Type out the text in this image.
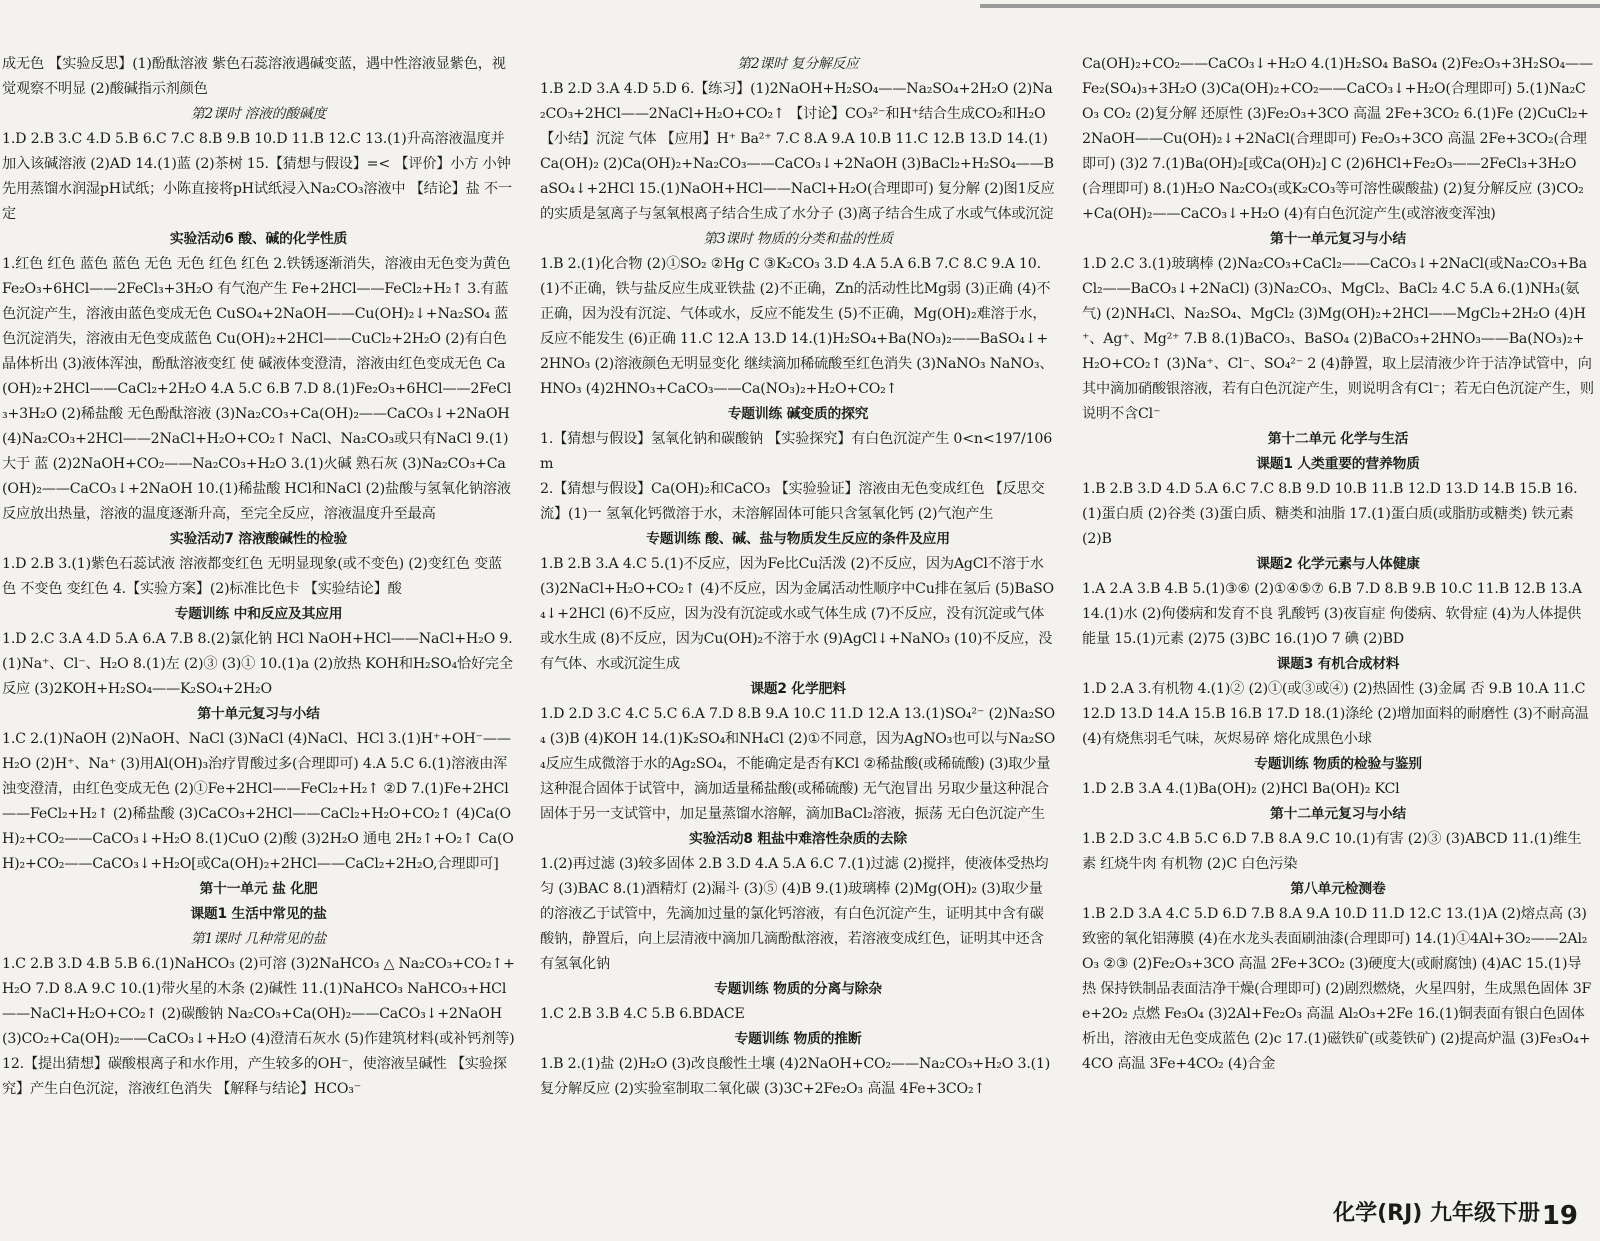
成无色 【实验反思】(1)酚酞溶液 紫色石蕊溶液遇碱变蓝，遇中性溶液显紫色，视觉观察不明显 (2)酸碱指示剂颜色
第2课时 溶液的酸碱度
1.D 2.B 3.C 4.D 5.B 6.C 7.C 8.B 9.B 10.D 11.B 12.C 13.(1)升高溶液温度并加入该碱溶液 (2)AD 14.(1)蓝 (2)茶树 15.【猜想与假设】=< 【评价】小方 小钟先用蒸馏水润湿pH试纸；小陈直接将pH试纸浸入Na₂CO₃溶液中 【结论】盐 不一定
实验活动6 酸、碱的化学性质
1.红色 红色 蓝色 蓝色 无色 无色 红色 红色 2.铁锈逐渐消失，溶液由无色变为黄色 Fe₂O₃+6HCl——2FeCl₃+3H₂O 有气泡产生 Fe+2HCl——FeCl₂+H₂↑ 3.有蓝色沉淀产生，溶液由蓝色变成无色 CuSO₄+2NaOH——Cu(OH)₂↓+Na₂SO₄ 蓝色沉淀消失，溶液由无色变成蓝色 Cu(OH)₂+2HCl——CuCl₂+2H₂O (2)有白色晶体析出 (3)液体浑浊，酚酞溶液变红 使 碱液体变澄清，溶液由红色变成无色 Ca(OH)₂+2HCl——CaCl₂+2H₂O 4.A 5.C 6.B 7.D 8.(1)Fe₂O₃+6HCl——2FeCl₃+3H₂O (2)稀盐酸 无色酚酞溶液 (3)Na₂CO₃+Ca(OH)₂——CaCO₃↓+2NaOH (4)Na₂CO₃+2HCl——2NaCl+H₂O+CO₂↑ NaCl、Na₂CO₃或只有NaCl 9.(1)大于 蓝 (2)2NaOH+CO₂——Na₂CO₃+H₂O 3.(1)火碱 熟石灰 (3)Na₂CO₃+Ca(OH)₂——CaCO₃↓+2NaOH 10.(1)稀盐酸 HCl和NaCl (2)盐酸与氢氧化钠溶液反应放出热量，溶液的温度逐渐升高，至完全反应，溶液温度升至最高
实验活动7 溶液酸碱性的检验
1.D 2.B 3.(1)紫色石蕊试液 溶液都变红色 无明显现象(或不变色) (2)变红色 变蓝色 不变色 变红色 4.【实验方案】(2)标准比色卡 【实验结论】酸
专题训练 中和反应及其应用
1.D 2.C 3.A 4.D 5.A 6.A 7.B 8.(2)氯化钠 HCl NaOH+HCl——NaCl+H₂O 9.(1)Na⁺、Cl⁻、H₂O 8.(1)左 (2)③ (3)① 10.(1)a (2)放热 KOH和H₂SO₄恰好完全反应 (3)2KOH+H₂SO₄——K₂SO₄+2H₂O
第十单元复习与小结
1.C 2.(1)NaOH (2)NaOH、NaCl (3)NaCl (4)NaCl、HCl 3.(1)H⁺+OH⁻——H₂O (2)H⁺、Na⁺ (3)用Al(OH)₃治疗胃酸过多(合理即可) 4.A 5.C 6.(1)溶液由浑浊变澄清，由红色变成无色 (2)①Fe+2HCl——FeCl₂+H₂↑ ②D 7.(1)Fe+2HCl——FeCl₂+H₂↑ (2)稀盐酸 (3)CaCO₃+2HCl——CaCl₂+H₂O+CO₂↑ (4)Ca(OH)₂+CO₂——CaCO₃↓+H₂O 8.(1)CuO (2)酸 (3)2H₂O 通电 2H₂↑+O₂↑ Ca(OH)₂+CO₂——CaCO₃↓+H₂O[或Ca(OH)₂+2HCl——CaCl₂+2H₂O,合理即可]
第十一单元 盐 化肥
课题1 生活中常见的盐
第1课时 几种常见的盐
1.C 2.B 3.D 4.B 5.B 6.(1)NaHCO₃ (2)可溶 (3)2NaHCO₃ △ Na₂CO₃+CO₂↑+H₂O 7.D 8.A 9.C 10.(1)带火星的木条 (2)碱性 11.(1)NaHCO₃ NaHCO₃+HCl——NaCl+H₂O+CO₂↑ (2)碳酸钠 Na₂CO₃+Ca(OH)₂——CaCO₃↓+2NaOH (3)CO₂+Ca(OH)₂——CaCO₃↓+H₂O (4)澄清石灰水 (5)作建筑材料(或补钙剂等) 12.【提出猜想】碳酸根离子和水作用，产生较多的OH⁻，使溶液呈碱性 【实验探究】产生白色沉淀，溶液红色消失 【解释与结论】HCO₃⁻
第2课时 复分解反应
1.B 2.D 3.A 4.D 5.D 6.【练习】(1)2NaOH+H₂SO₄——Na₂SO₄+2H₂O (2)Na₂CO₃+2HCl——2NaCl+H₂O+CO₂↑ 【讨论】CO₃²⁻和H⁺结合生成CO₂和H₂O 【小结】沉淀 气体 【应用】H⁺ Ba²⁺ 7.C 8.A 9.A 10.B 11.C 12.B 13.D 14.(1)Ca(OH)₂ (2)Ca(OH)₂+Na₂CO₃——CaCO₃↓+2NaOH (3)BaCl₂+H₂SO₄——BaSO₄↓+2HCl 15.(1)NaOH+HCl——NaCl+H₂O(合理即可) 复分解 (2)图1反应的实质是氢离子与氢氧根离子结合生成了水分子 (3)离子结合生成了水或气体或沉淀
第3课时 物质的分类和盐的性质
1.B 2.(1)化合物 (2)①SO₂ ②Hg C ③K₂CO₃ 3.D 4.A 5.A 6.B 7.C 8.C 9.A 10.(1)不正确，铁与盐反应生成亚铁盐 (2)不正确，Zn的活动性比Mg弱 (3)正确 (4)不正确，因为没有沉淀、气体或水，反应不能发生 (5)不正确，Mg(OH)₂难溶于水，反应不能发生 (6)正确 11.C 12.A 13.D 14.(1)H₂SO₄+Ba(NO₃)₂——BaSO₄↓+2HNO₃ (2)溶液颜色无明显变化 继续滴加稀硫酸至红色消失 (3)NaNO₃ NaNO₃、HNO₃ (4)2HNO₃+CaCO₃——Ca(NO₃)₂+H₂O+CO₂↑
专题训练 碱变质的探究
1.【猜想与假设】氢氧化钠和碳酸钠 【实验探究】有白色沉淀产生 0<n<197/106 m
2.【猜想与假设】Ca(OH)₂和CaCO₃ 【实验验证】溶液由无色变成红色 【反思交流】(1)一 氢氧化钙微溶于水，未溶解固体可能只含氢氧化钙 (2)气泡产生
专题训练 酸、碱、盐与物质发生反应的条件及应用
1.B 2.B 3.A 4.C 5.(1)不反应，因为Fe比Cu活泼 (2)不反应，因为AgCl不溶于水 (3)2NaCl+H₂O+CO₂↑ (4)不反应，因为金属活动性顺序中Cu排在氢后 (5)BaSO₄↓+2HCl (6)不反应，因为没有沉淀或水或气体生成 (7)不反应，没有沉淀或气体或水生成 (8)不反应，因为Cu(OH)₂不溶于水 (9)AgCl↓+NaNO₃ (10)不反应，没有气体、水或沉淀生成
课题2 化学肥料
1.D 2.D 3.C 4.C 5.C 6.A 7.D 8.B 9.A 10.C 11.D 12.A 13.(1)SO₄²⁻ (2)Na₂SO₄ (3)B (4)KOH 14.(1)K₂SO₄和NH₄Cl (2)①不同意，因为AgNO₃也可以与Na₂SO₄反应生成微溶于水的Ag₂SO₄，不能确定是否有KCl ②稀盐酸(或稀硫酸) (3)取少量这种混合固体于试管中，滴加适量稀盐酸(或稀硫酸) 无气泡冒出 另取少量这种混合固体于另一支试管中，加足量蒸馏水溶解，滴加BaCl₂溶液，振荡 无白色沉淀产生
实验活动8 粗盐中难溶性杂质的去除
1.(2)再过滤 (3)较多固体 2.B 3.D 4.A 5.A 6.C 7.(1)过滤 (2)搅拌，使液体受热均匀 (3)BAC 8.(1)酒精灯 (2)漏斗 (3)⑤ (4)B 9.(1)玻璃棒 (2)Mg(OH)₂ (3)取少量的溶液乙于试管中，先滴加过量的氯化钙溶液，有白色沉淀产生，证明其中含有碳酸钠，静置后，向上层清液中滴加几滴酚酞溶液，若溶液变成红色，证明其中还含有氢氧化钠
专题训练 物质的分离与除杂
1.C 2.B 3.B 4.C 5.B 6.BDACE
专题训练 物质的推断
1.B 2.(1)盐 (2)H₂O (3)改良酸性土壤 (4)2NaOH+CO₂——Na₂CO₃+H₂O 3.(1)复分解反应 (2)实验室制取二氧化碳 (3)3C+2Fe₂O₃ 高温 4Fe+3CO₂↑
Ca(OH)₂+CO₂——CaCO₃↓+H₂O 4.(1)H₂SO₄ BaSO₄ (2)Fe₂O₃+3H₂SO₄——Fe₂(SO₄)₃+3H₂O (3)Ca(OH)₂+CO₂——CaCO₃↓+H₂O(合理即可) 5.(1)Na₂CO₃ CO₂ (2)复分解 还原性 (3)Fe₂O₃+3CO 高温 2Fe+3CO₂ 6.(1)Fe (2)CuCl₂+2NaOH——Cu(OH)₂↓+2NaCl(合理即可) Fe₂O₃+3CO 高温 2Fe+3CO₂(合理即可) (3)2 7.(1)Ba(OH)₂[或Ca(OH)₂] C (2)6HCl+Fe₂O₃——2FeCl₃+3H₂O(合理即可) 8.(1)H₂O Na₂CO₃(或K₂CO₃等可溶性碳酸盐) (2)复分解反应 (3)CO₂+Ca(OH)₂——CaCO₃↓+H₂O (4)有白色沉淀产生(或溶液变浑浊)
第十一单元复习与小结
1.D 2.C 3.(1)玻璃棒 (2)Na₂CO₃+CaCl₂——CaCO₃↓+2NaCl(或Na₂CO₃+BaCl₂——BaCO₃↓+2NaCl) (3)Na₂CO₃、MgCl₂、BaCl₂ 4.C 5.A 6.(1)NH₃(氨气) (2)NH₄Cl、Na₂SO₄、MgCl₂ (3)Mg(OH)₂+2HCl——MgCl₂+2H₂O (4)H⁺、Ag⁺、Mg²⁺ 7.B 8.(1)BaCO₃、BaSO₄ (2)BaCO₃+2HNO₃——Ba(NO₃)₂+H₂O+CO₂↑ (3)Na⁺、Cl⁻、SO₄²⁻ 2 (4)静置，取上层清液少许于洁净试管中，向其中滴加硝酸银溶液，若有白色沉淀产生，则说明含有Cl⁻；若无白色沉淀产生，则说明不含Cl⁻
第十二单元 化学与生活
课题1 人类重要的营养物质
1.B 2.B 3.D 4.D 5.A 6.C 7.C 8.B 9.D 10.B 11.B 12.D 13.D 14.B 15.B 16.(1)蛋白质 (2)谷类 (3)蛋白质、糖类和油脂 17.(1)蛋白质(或脂肪或糖类) 铁元素 (2)B
课题2 化学元素与人体健康
1.A 2.A 3.B 4.B 5.(1)③⑥ (2)①④⑤⑦ 6.B 7.D 8.B 9.B 10.C 11.B 12.B 13.A 14.(1)水 (2)佝偻病和发育不良 乳酸钙 (3)夜盲症 佝偻病、软骨症 (4)为人体提供能量 15.(1)元素 (2)75 (3)BC 16.(1)O 7 碘 (2)BD
课题3 有机合成材料
1.D 2.A 3.有机物 4.(1)② (2)①(或③或④) (2)热固性 (3)金属 否 9.B 10.A 11.C 12.D 13.D 14.A 15.B 16.B 17.D 18.(1)涤纶 (2)增加面料的耐磨性 (3)不耐高温 (4)有烧焦羽毛气味，灰烬易碎 熔化成黑色小球
专题训练 物质的检验与鉴别
1.D 2.B 3.A 4.(1)Ba(OH)₂ (2)HCl Ba(OH)₂ KCl
第十二单元复习与小结
1.B 2.D 3.C 4.B 5.C 6.D 7.B 8.A 9.C 10.(1)有害 (2)③ (3)ABCD 11.(1)维生素 红烧牛肉 有机物 (2)C 白色污染
第八单元检测卷
1.B 2.D 3.A 4.C 5.D 6.D 7.B 8.A 9.A 10.D 11.D 12.C 13.(1)A (2)熔点高 (3)致密的氧化铝薄膜 (4)在水龙头表面刷油漆(合理即可) 14.(1)①4Al+3O₂——2Al₂O₃ ②③ (2)Fe₂O₃+3CO 高温 2Fe+3CO₂ (3)硬度大(或耐腐蚀) (4)AC 15.(1)导热 保持铁制品表面洁净干燥(合理即可) (2)剧烈燃烧，火星四射，生成黑色固体 3Fe+2O₂ 点燃 Fe₃O₄ (3)2Al+Fe₂O₃ 高温 Al₂O₃+2Fe 16.(1)铜表面有银白色固体析出，溶液由无色变成蓝色 (2)c 17.(1)磁铁矿(或菱铁矿) (2)提高炉温 (3)Fe₃O₄+4CO 高温 3Fe+4CO₂ (4)合金
化学(RJ) 九年级下册 19
